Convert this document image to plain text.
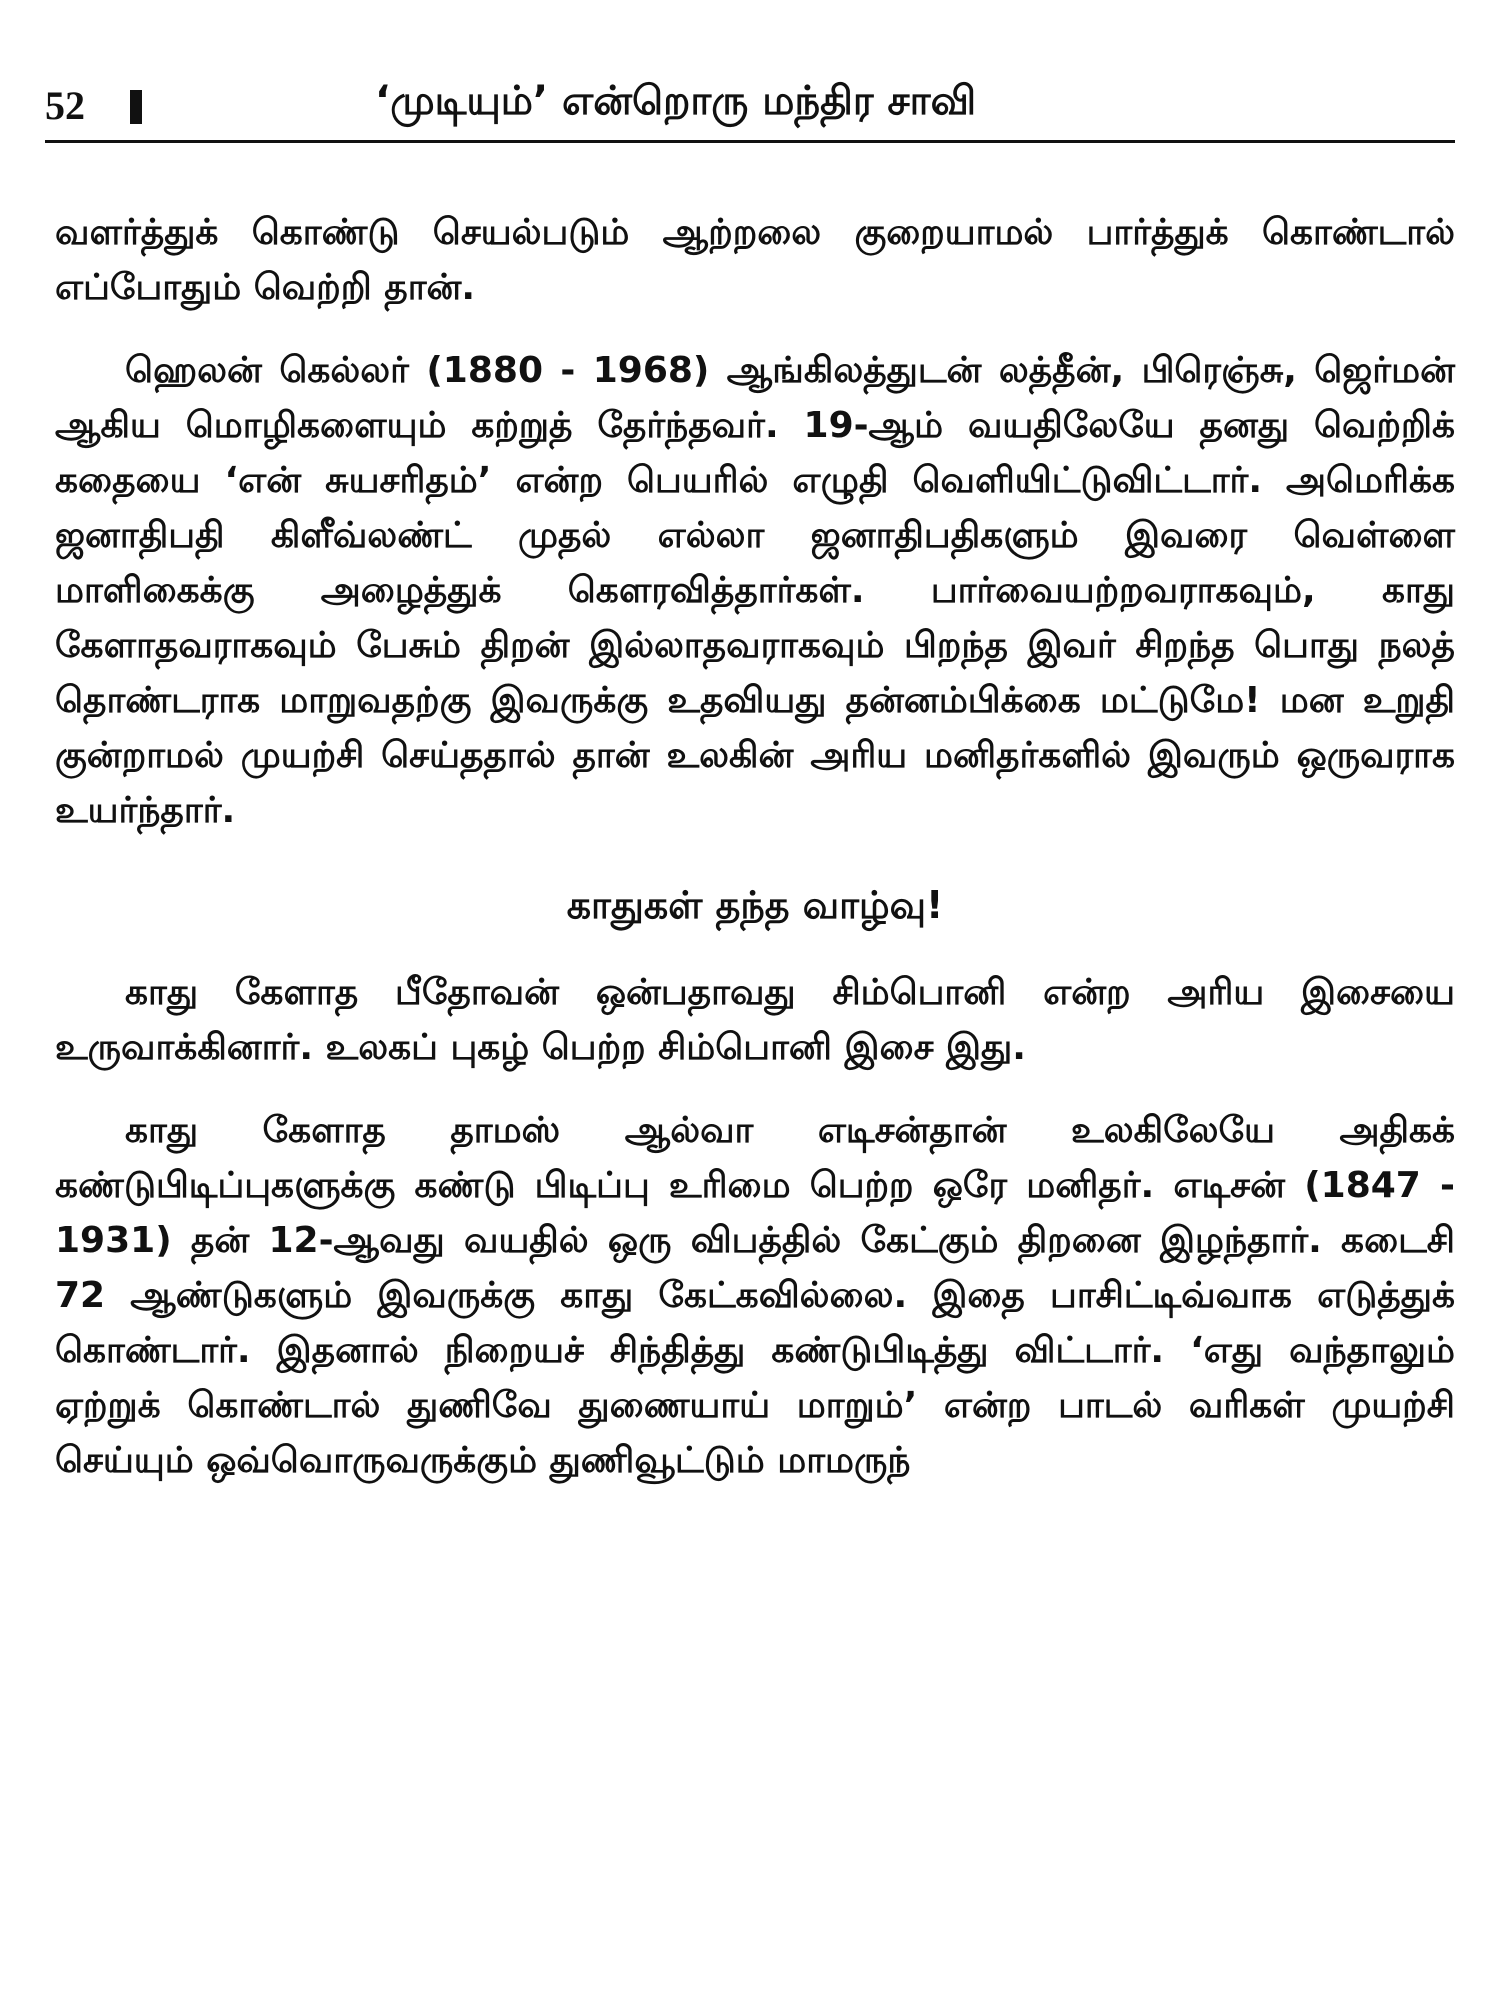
52	‘முடியும்’ என்றொரு மந்திர சாவி

வளர்த்துக் கொண்டு செயல்படும் ஆற்றலை குறையாமல் பார்த்துக் கொண்டால் எப்போதும் வெற்றி தான்.

ஹெலன் கெல்லர் (1880 - 1968) ஆங்கிலத்துடன் லத்தீன், பிரெஞ்சு, ஜெர்மன் ஆகிய மொழிகளையும் கற்றுத் தேர்ந்தவர். 19-ஆம் வயதிலேயே தனது வெற்றிக் கதையை ‘என் சுயசரிதம்’ என்ற பெயரில் எழுதி வெளியிட்டுவிட்டார். அமெரிக்க ஜனாதிபதி கிளீவ்லண்ட் முதல் எல்லா ஜனாதிபதிகளும் இவரை வெள்ளை மாளிகைக்கு அழைத்துக் கௌரவித்தார்கள். பார்வையற்றவராகவும், காது கேளாதவராகவும் பேசும் திறன் இல்லாதவராகவும் பிறந்த இவர் சிறந்த பொது நலத் தொண்டராக மாறுவதற்கு இவருக்கு உதவியது தன்னம்பிக்கை மட்டுமே! மன உறுதி குன்றாமல் முயற்சி செய்ததால் தான் உலகின் அரிய மனிதர்களில் இவரும் ஒருவராக உயர்ந்தார்.

காதுகள் தந்த வாழ்வு!

காது கேளாத பீதோவன் ஒன்பதாவது சிம்பொனி என்ற அரிய இசையை உருவாக்கினார். உலகப் புகழ் பெற்ற சிம்பொனி இசை இது.

காது கேளாத தாமஸ் ஆல்வா எடிசன்தான் உலகிலேயே அதிகக் கண்டுபிடிப்புகளுக்கு கண்டு பிடிப்பு உரிமை பெற்ற ஒரே மனிதர். எடிசன் (1847 - 1931) தன் 12-ஆவது வயதில் ஒரு விபத்தில் கேட்கும் திறனை இழந்தார். கடைசி 72 ஆண்டுகளும் இவருக்கு காது கேட்கவில்லை. இதை பாசிட்டிவ்வாக எடுத்துக் கொண்டார். இதனால் நிறையச் சிந்தித்து கண்டுபிடித்து விட்டார். ‘எது வந்தாலும் ஏற்றுக் கொண்டால் துணிவே துணையாய் மாறும்’ என்ற பாடல் வரிகள் முயற்சி செய்யும் ஒவ்வொருவருக்கும் துணிவூட்டும் மாமருந்
